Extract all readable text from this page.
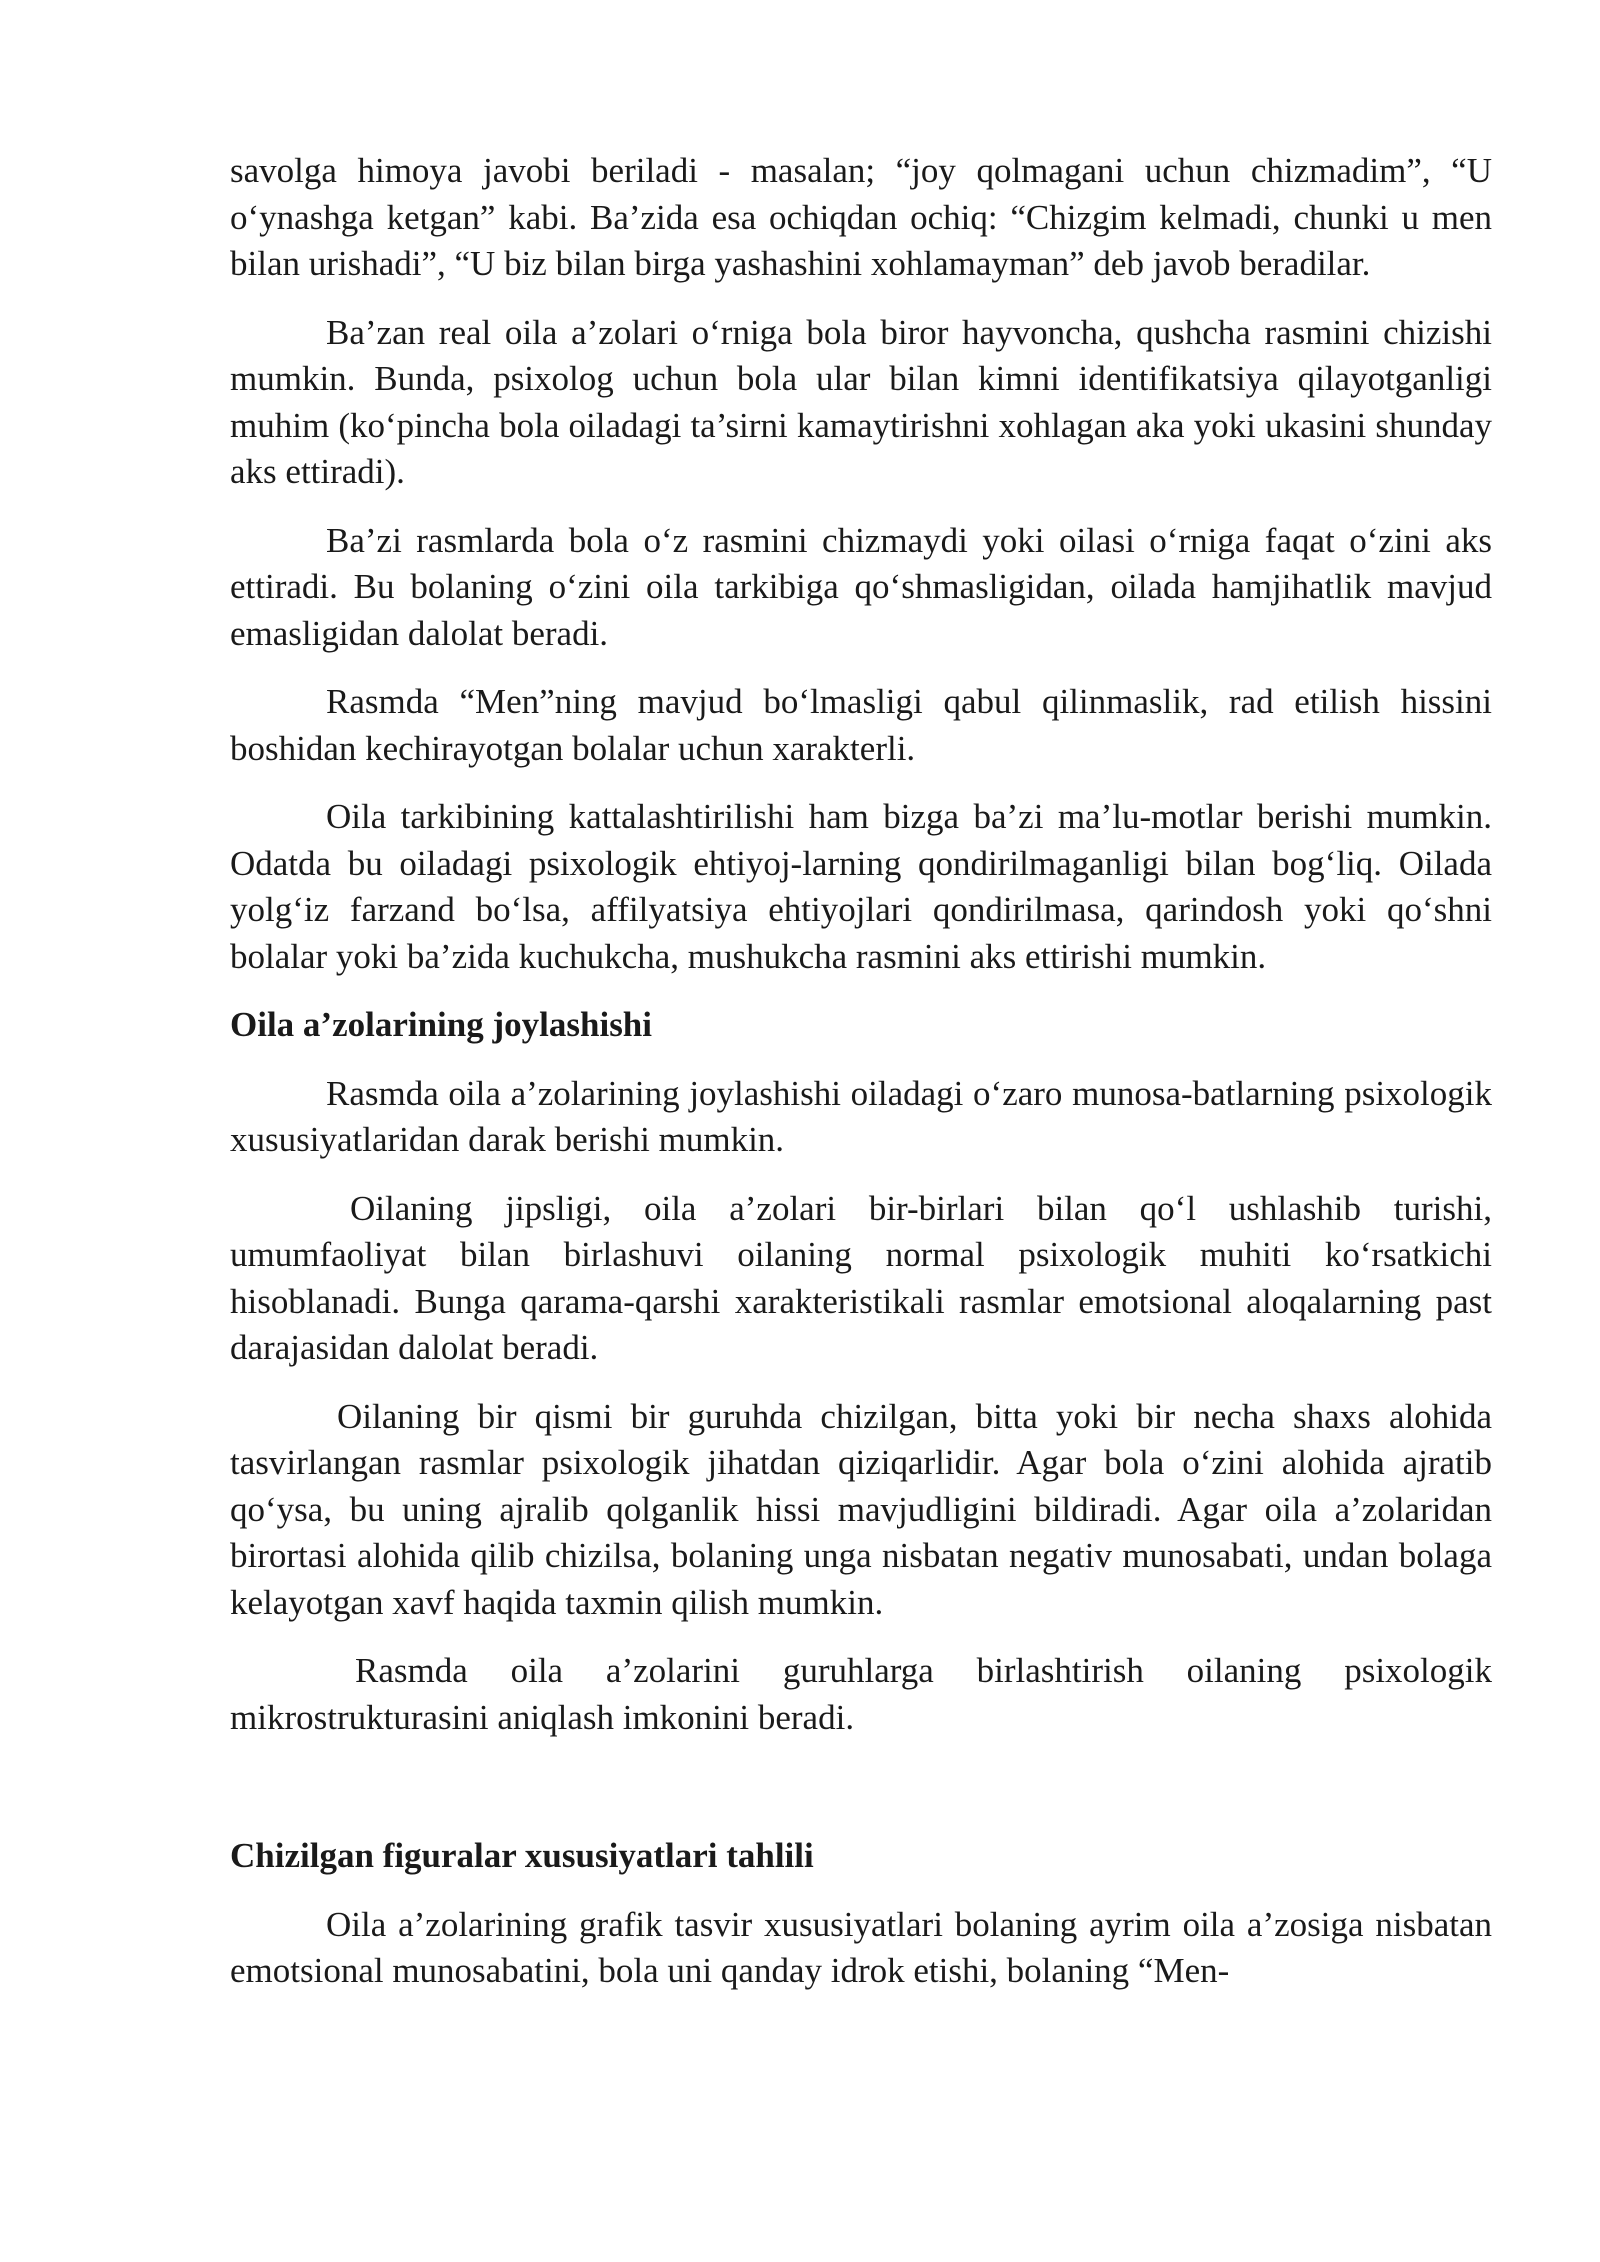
savolga himoya javobi beriladi - masalan; “joy qolmagani uchun chizmadim”, “U o‘ynashga ketgan” kabi. Ba’zida esa ochiqdan ochiq: “Chizgim kelmadi, chunki u men bilan urishadi”, “U biz bilan birga yashashini xohlamayman” deb javob beradilar.

Ba’zan real oila a’zolari o‘rniga bola biror hayvoncha, qushcha rasmini chizishi mumkin. Bunda, psixolog uchun bola ular bilan kimni identifikatsiya qilayotganligi muhim (ko‘pincha bola oiladagi ta’sirni kamaytirishni xohlagan aka yoki ukasini shunday aks ettiradi).

Ba’zi rasmlarda bola o‘z rasmini chizmaydi yoki oilasi o‘rniga faqat o‘zini aks ettiradi. Bu bolaning o‘zini oila tarkibiga qo‘shmasligidan, oilada hamjihatlik mavjud emasligidan dalolat beradi.

Rasmda “Men”ning mavjud bo‘lmasligi qabul qilinmaslik, rad etilish hissini boshidan kechirayotgan bolalar uchun xarakterli.

Oila tarkibining kattalashtirilishi ham bizga ba’zi ma’lu-motlar berishi mumkin. Odatda bu oiladagi psixologik ehtiyoj-larning qondirilmaganligi bilan bog‘liq. Oilada yolg‘iz farzand bo‘lsa, affilyatsiya ehtiyojlari qondirilmasa, qarindosh yoki qo‘shni bolalar yoki ba’zida kuchukcha, mushukcha rasmini aks ettirishi mumkin.

Oila a’zolarining joylashishi

Rasmda oila a’zolarining joylashishi oiladagi o‘zaro munosa-batlarning psixologik xususiyatlaridan darak berishi mumkin.

Oilaning jipsligi, oila a’zolari bir-birlari bilan qo‘l ushlashib turishi, umumfaoliyat bilan birlashuvi oilaning normal psixologik muhiti ko‘rsatkichi hisoblanadi. Bunga qarama-qarshi xarakteristikali rasmlar emotsional aloqalarning past darajasidan dalolat beradi.

Oilaning bir qismi bir guruhda chizilgan, bitta yoki bir necha shaxs alohida tasvirlangan rasmlar psixologik jihatdan qiziqarlidir. Agar bola o‘zini alohida ajratib qo‘ysa, bu uning ajralib qolganlik hissi mavjudligini bildiradi. Agar oila a’zolaridan birortasi alohida qilib chizilsa, bolaning unga nisbatan negativ munosabati, undan bolaga kelayotgan xavf haqida taxmin qilish mumkin.

Rasmda oila a’zolarini guruhlarga birlashtirish oilaning psixologik mikrostrukturasini aniqlash imkonini beradi.

Chizilgan figuralar xususiyatlari tahlili

Oila a’zolarining grafik tasvir xususiyatlari bolaning ayrim oila a’zosiga nisbatan emotsional munosabatini, bola uni qanday idrok etishi, bolaning “Men-
